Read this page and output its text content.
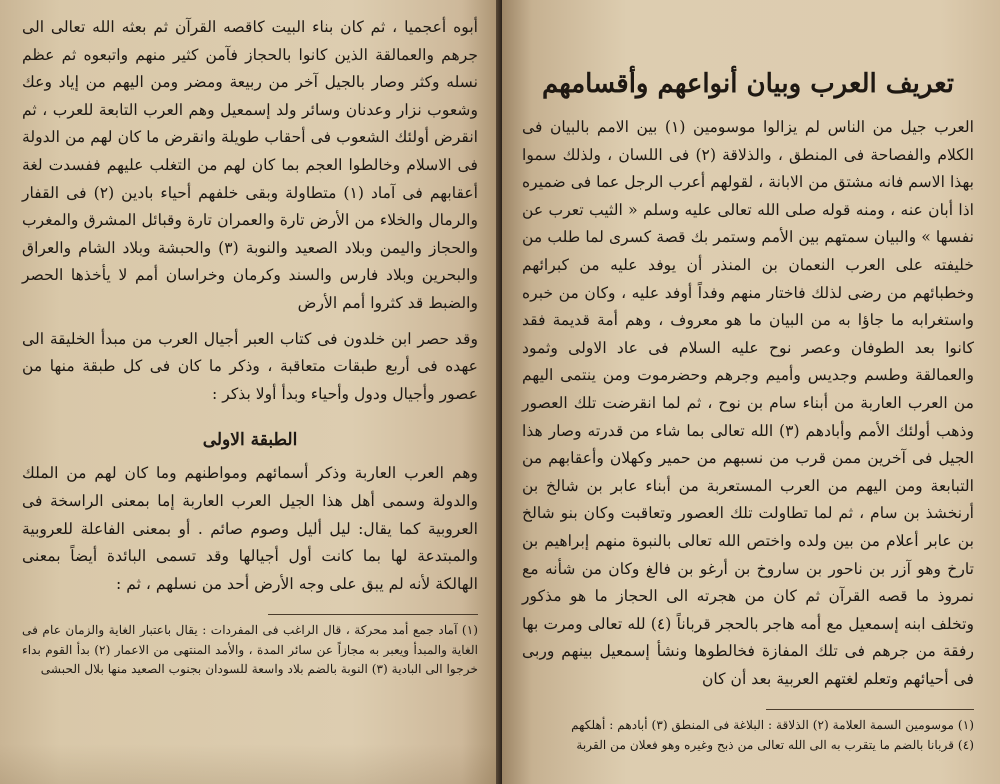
أبوه أعجميا ، ثم كان بناء البيت كاقصه القرآن ثم بعثه الله تعالى الى جرهم والعمالقة الذين كانوا بالحجاز فآمن كثير منهم واتبعوه ثم عظم نسله وكثر وصار بالجيل آخر من ربيعة ومضر ومن اليهم من إياد وعك وشعوب نزار وعدنان وسائر ولد إسمعيل وهم العرب التابعة للعرب ، ثم انقرض أولئك الشعوب فى أحقاب طويلة وانقرض ما كان لهم من الدولة فى الاسلام وخالطوا العجم بما كان لهم من التغلب عليهم ففسدت لغة أعقابهم فى آماد (١) متطاولة وبقى خلفهم أحياء بادين (٢) فى القفار والرمال والخلاء من الأرض تارة والعمران تارة وقبائل المشرق والمغرب والحجاز واليمن وبلاد الصعيد والنوبة (٣) والحبشة وبلاد الشام والعراق والبحرين وبلاد فارس والسند وكرمان وخراسان أمم لا يأخذها الحصر والضبط قد كثروا أمم الأرض

وقد حصر ابن خلدون فى كتاب العبر أجيال العرب من مبدأ الخليقة الى عهده فى أربع طبقات متعاقبة ، وذكر ما كان فى كل طبقة منها من عصور وأجيال ودول وأحياء وبدأ أولا بذكر :

الطبقة الاولى

وهم العرب العاربة وذكر أسمائهم ومواطنهم وما كان لهم من الملك والدولة وسمى أهل هذا الجيل العرب العاربة إما بمعنى الراسخة فى العروبية كما يقال: ليل أليل وصوم صائم . أو بمعنى الفاعلة للعروبية والمبتدعة لها بما كانت أول أجيالها وقد تسمى البائدة أيضاً بمعنى الهالكة لأنه لم يبق على وجه الأرض أحد من نسلهم ، ثم :

(١) آماد جمع أمد محركة ، قال الراغب فى المفردات : يقال باعتبار الغاية والزمان عام فى الغاية والمبدأ ويعبر به مجازاً عن سائر المدة ، والأمد المنتهى من الاعمار (٢) بدأ القوم بداء خرجوا الى البادية (٣) النوبة بالضم بلاد واسعة للسودان بجنوب الصعيد منها بلال الحبشى

تعريف العرب وبيان أنواعهم وأقسامهم

العرب جيل من الناس لم يزالوا موسومين (١) بين الامم بالبيان فى الكلام والفصاحة فى المنطق ، والذلاقة (٢) فى اللسان ، ولذلك سموا بهذا الاسم فانه مشتق من الابانة ، لقولهم أعرب الرجل عما فى ضميره اذا أبان عنه ، ومنه قوله صلى الله تعالى عليه وسلم « الثيب تعرب عن نفسها » والبيان سمتهم بين الأمم وستمر بك قصة كسرى لما طلب من خليفته على العرب النعمان بن المنذر أن يوفد عليه من كبرائهم وخطبائهم من رضى لذلك فاختار منهم وفداً أوفد عليه ، وكان من خبره واستغرابه ما جاؤا به من البيان ما هو معروف ، وهم أمة قديمة فقد كانوا بعد الطوفان وعصر نوح عليه السلام فى عاد الاولى وثمود والعمالقة وطسم وجديس وأميم وجرهم وحضرموت ومن ينتمى اليهم من العرب العاربة من أبناء سام بن نوح ، ثم لما انقرضت تلك العصور وذهب أولئك الأمم وأبادهم (٣) الله تعالى بما شاء من قدرته وصار هذا الجيل فى آخرين ممن قرب من نسبهم من حمير وكهلان وأعقابهم من التبابعة ومن اليهم من العرب المستعربة من أبناء عابر بن شالخ بن أرنخشذ بن سام ، ثم لما تطاولت تلك العصور وتعاقبت وكان بنو شالخ بن عابر أعلام من بين ولده واختص الله تعالى بالنبوة منهم إبراهيم بن تارخ وهو آزر بن ناحور بن ساروخ بن أرغو بن فالغ وكان من شأنه مع نمروذ ما قصه القرآن ثم كان من هجرته الى الحجاز ما هو مذكور وتخلف ابنه إسمعيل مع أمه هاجر بالحجر قرباناً (٤) لله تعالى ومرت بها رفقة من جرهم فى تلك المفازة فخالطوها ونشأ إسمعيل بينهم وربى فى أحيائهم وتعلم لغتهم العربية بعد أن كان

(١) موسومين السمة العلامة (٢) الذلاقة : البلاغة فى المنطق (٣) أبادهم : أهلكهم

(٤) قربانا بالضم ما يتقرب به الى الله تعالى من ذبح وغيره وهو فعلان من القربة
